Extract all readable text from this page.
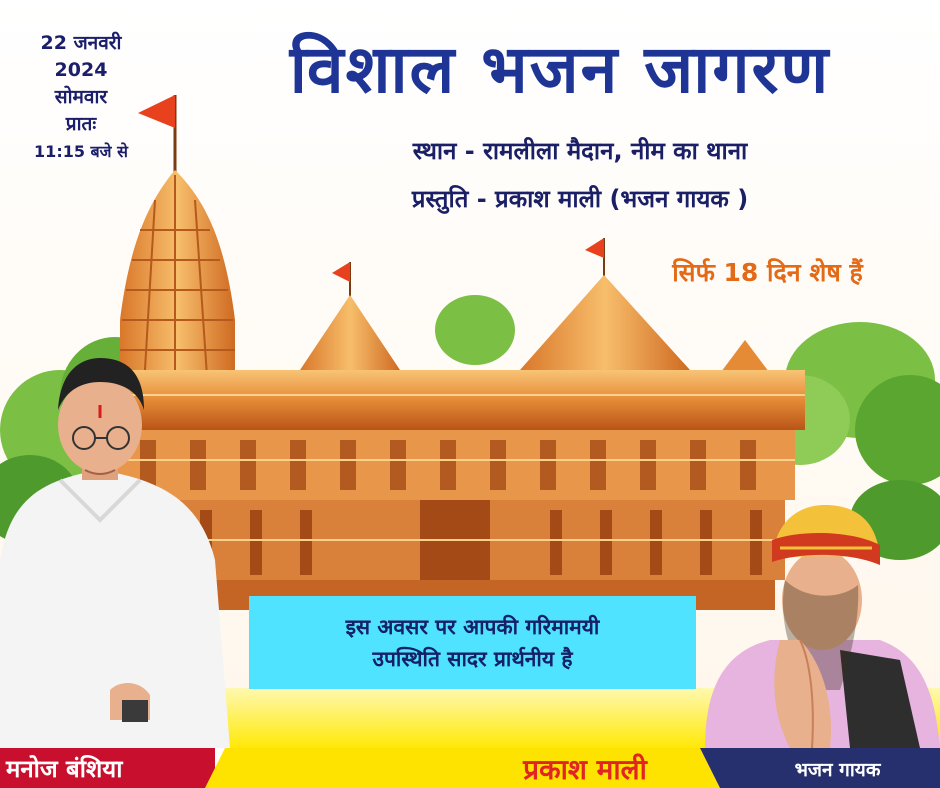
22 जनवरी
2024
सोमवार
प्रातः
11:15 बजे से
विशाल भजन जागरण
स्थान - रामलीला मैदान, नीम का थाना
प्रस्तुति - प्रकाश माली (भजन गायक )
सिर्फ 18 दिन शेष हैं
इस अवसर पर आपकी गरिमामयी
उपस्थिति सादर प्रार्थनीय है
मनोज बंशिया	प्रकाश माली	भजन गायक
